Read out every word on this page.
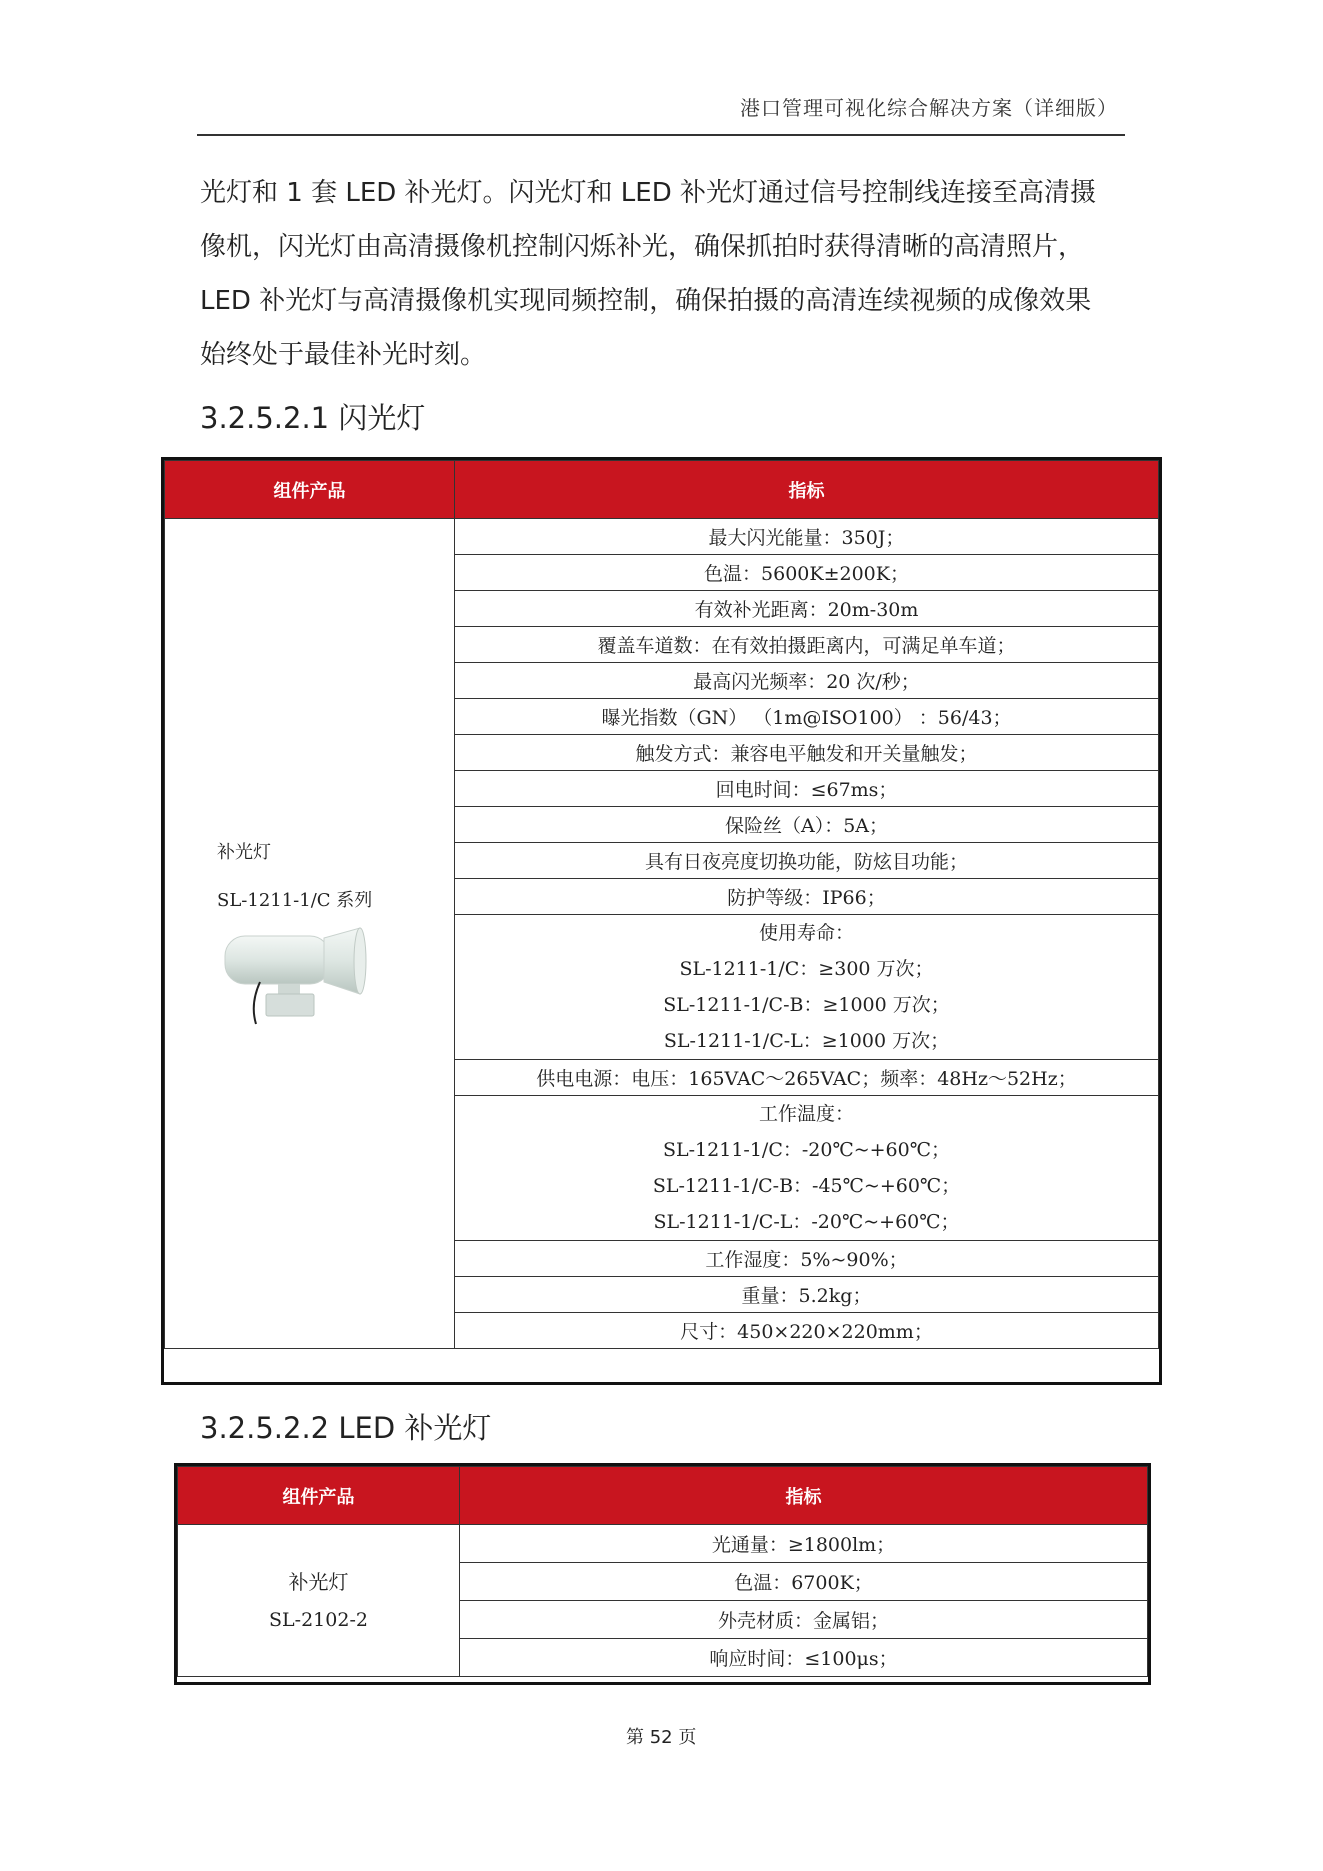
港口管理可视化综合解决方案（详细版）
光灯和 1 套 LED 补光灯。闪光灯和 LED 补光灯通过信号控制线连接至高清摄
像机，闪光灯由高清摄像机控制闪烁补光，确保抓拍时获得清晰的高清照片，
LED 补光灯与高清摄像机实现同频控制，确保拍摄的高清连续视频的成像效果
始终处于最佳补光时刻。
3.2.5.2.1 闪光灯
组件产品	指标

补光灯
SL-1211-1/C 系列	最大闪光能量：350J；
	色温：5600K±200K；
	有效补光距离：20m-30m
	覆盖车道数：在有效拍摄距离内，可满足单车道；
	最高闪光频率：20 次/秒；
	曝光指数（GN） （1m@ISO100） ：56/43；
	触发方式：兼容电平触发和开关量触发；
	回电时间：≤67ms；
	保险丝（A）：5A；
	具有日夜亮度切换功能，防炫目功能；
	防护等级：IP66；

	使用寿命：
SL-1211-1/C：≥300 万次；
SL-1211-1/C-B：≥1000 万次；
SL-1211-1/C-L：≥1000 万次；

	供电电源：电压：165VAC～265VAC；频率：48Hz～52Hz；

	工作温度：
SL-1211-1/C：-20℃~+60℃；
SL-1211-1/C-B：-45℃~+60℃；
SL-1211-1/C-L：-20℃~+60℃；

	工作湿度：5%~90%；
	重量：5.2kg；
	尺寸：450×220×220mm；
3.2.5.2.2 LED 补光灯
组件产品	指标

补光灯
SL-2102-2	光通量：≥1800lm；
	色温：6700K；
	外壳材质：金属铝；
	响应时间：≤100μs；
第 52 页
